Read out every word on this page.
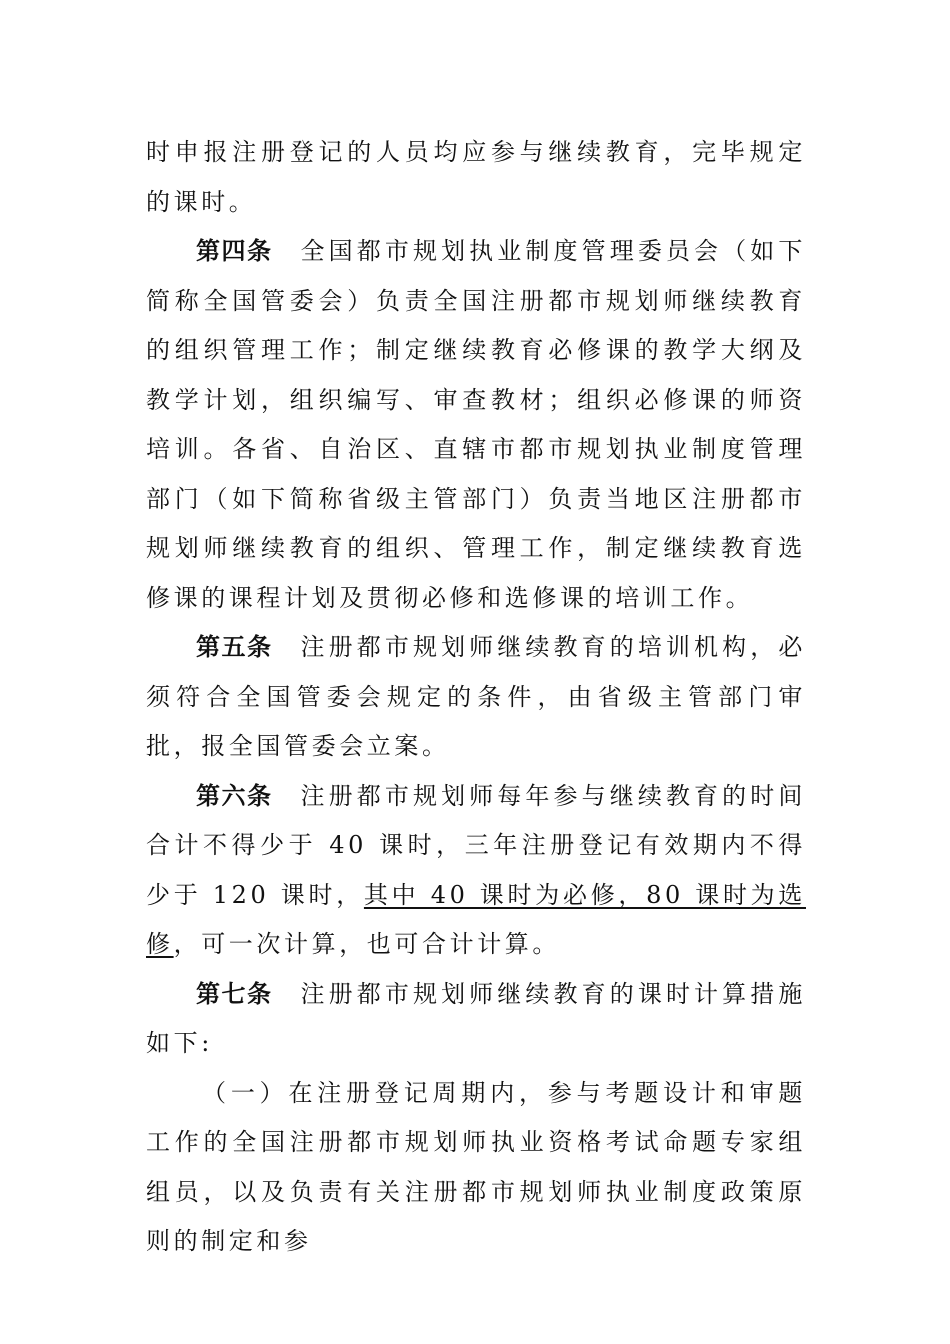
时申报注册登记的人员均应参与继续教育，完毕规定的课时。

第四条 全国都市规划执业制度管理委员会（如下简称全国管委会）负责全国注册都市规划师继续教育的组织管理工作；制定继续教育必修课的教学大纲及教学计划，组织编写、审查教材；组织必修课的师资培训。各省、自治区、直辖市都市规划执业制度管理部门（如下简称省级主管部门）负责当地区注册都市规划师继续教育的组织、管理工作，制定继续教育选修课的课程计划及贯彻必修和选修课的培训工作。

第五条 注册都市规划师继续教育的培训机构，必须符合全国管委会规定的条件，由省级主管部门审批，报全国管委会立案。

第六条 注册都市规划师每年参与继续教育的时间合计不得少于 40 课时，三年注册登记有效期内不得少于 120 课时，其中 40 课时为必修，80 课时为选修，可一次计算，也可合计计算。

第七条 注册都市规划师继续教育的课时计算措施如下:

（一）在注册登记周期内，参与考题设计和审题工作的全国注册都市规划师执业资格考试命题专家组组员，以及负责有关注册都市规划师执业制度政策原则的制定和参
